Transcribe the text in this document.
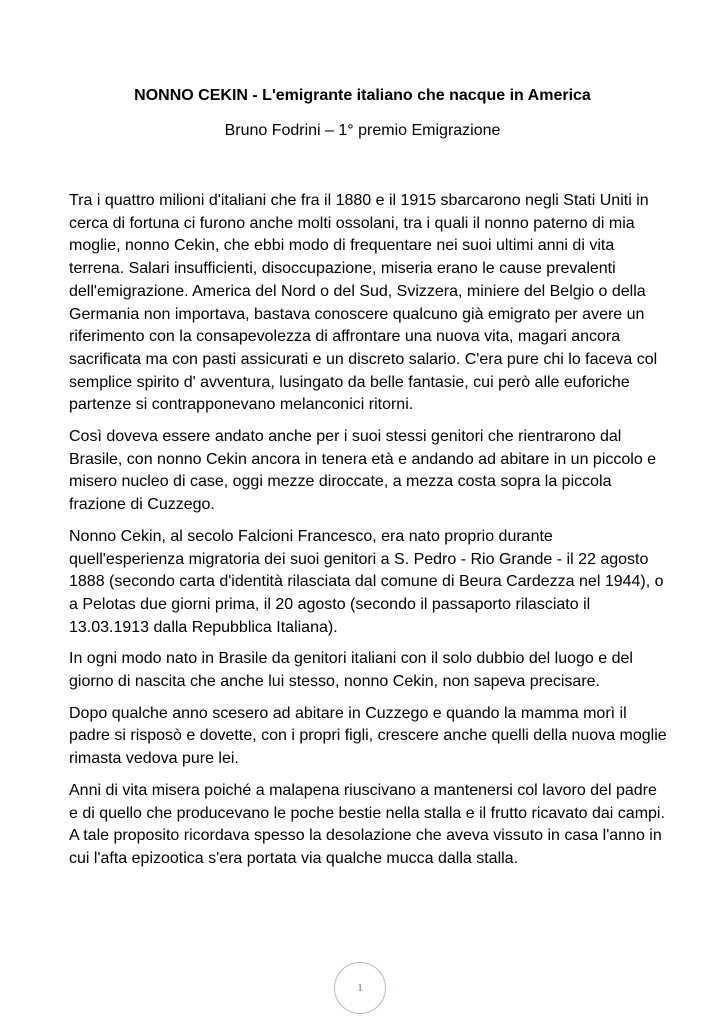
NONNO CEKIN - L'emigrante italiano che nacque in America
Bruno Fodrini – 1° premio Emigrazione

Tra i quattro milioni d'italiani che fra il 1880 e il 1915 sbarcarono negli Stati Uniti in cerca di fortuna ci furono anche molti ossolani, tra i quali il nonno paterno di mia moglie, nonno Cekin, che ebbi modo di frequentare nei suoi ultimi anni di vita terrena. Salari insufficienti, disoccupazione, miseria erano le cause prevalenti dell'emigrazione. America del Nord o del Sud, Svizzera, miniere del Belgio o della Germania non importava, bastava conoscere qualcuno già emigrato per avere un riferimento con la consapevolezza di affrontare una nuova vita, magari ancora sacrificata ma con pasti assicurati e un discreto salario. C'era pure chi lo faceva col semplice spirito d' avventura, lusingato da belle fantasie, cui però alle euforiche partenze si contrapponevano melanconici ritorni.

Così doveva essere andato anche per i suoi stessi genitori che rientrarono dal Brasile, con nonno Cekin ancora in tenera età e andando ad abitare in un piccolo e misero nucleo di case, oggi mezze diroccate, a mezza costa sopra la piccola frazione di Cuzzego.

Nonno Cekin, al secolo Falcioni Francesco, era nato proprio durante quell'esperienza migratoria dei suoi genitori a S. Pedro - Rio Grande - il 22 agosto 1888 (secondo carta d'identità rilasciata dal comune di Beura Cardezza nel 1944), o a Pelotas due giorni prima, il 20 agosto (secondo il passaporto rilasciato il 13.03.1913 dalla Repubblica Italiana).

In ogni modo nato in Brasile da genitori italiani con il solo dubbio del luogo e del giorno di nascita che anche lui stesso, nonno Cekin, non sapeva precisare.

Dopo qualche anno scesero ad abitare in Cuzzego e quando la mamma morì il padre si risposò e dovette, con i propri figli, crescere anche quelli della nuova moglie rimasta vedova pure lei.

Anni di vita misera poiché a malapena riuscivano a mantenersi col lavoro del padre e di quello che producevano le poche bestie nella stalla e il frutto ricavato dai campi. A tale proposito ricordava spesso la desolazione che aveva vissuto in casa l'anno in cui l'afta epizootica s'era portata via qualche mucca dalla stalla.

1
